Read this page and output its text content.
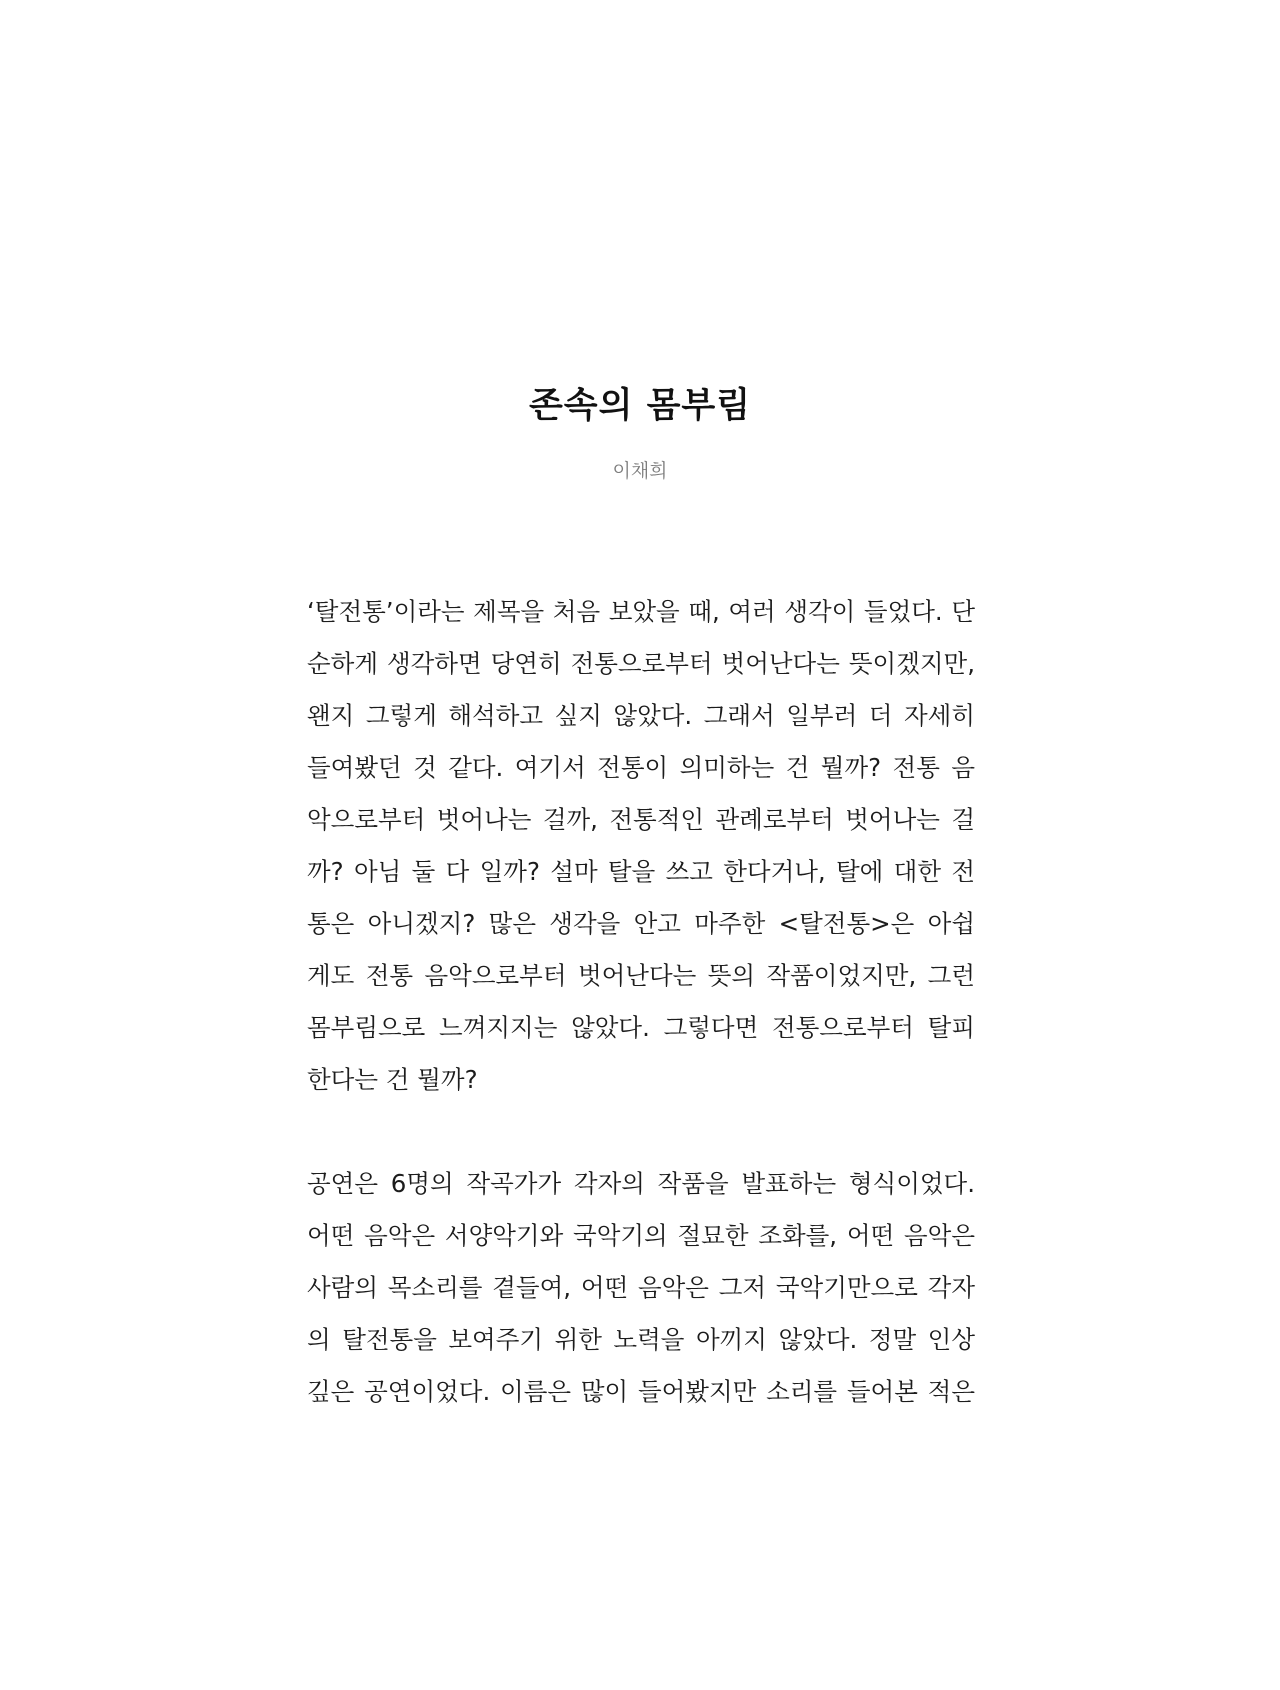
존속의 몸부림

이채희

‘탈전통’이라는 제목을 처음 보았을 때, 여러 생각이 들었다. 단
순하게 생각하면 당연히 전통으로부터 벗어난다는 뜻이겠지만,
왠지 그렇게 해석하고 싶지 않았다. 그래서 일부러 더 자세히
들여봤던 것 같다. 여기서 전통이 의미하는 건 뭘까? 전통 음
악으로부터 벗어나는 걸까, 전통적인 관례로부터 벗어나는 걸
까? 아님 둘 다 일까? 설마 탈을 쓰고 한다거나, 탈에 대한 전
통은 아니겠지? 많은 생각을 안고 마주한 <탈전통>은 아쉽
게도 전통 음악으로부터 벗어난다는 뜻의 작품이었지만, 그런
몸부림으로 느껴지지는 않았다. 그렇다면 전통으로부터 탈피
한다는 건 뭘까?

공연은 6명의 작곡가가 각자의 작품을 발표하는 형식이었다.
어떤 음악은 서양악기와 국악기의 절묘한 조화를, 어떤 음악은
사람의 목소리를 곁들여, 어떤 음악은 그저 국악기만으로 각자
의 탈전통을 보여주기 위한 노력을 아끼지 않았다. 정말 인상
깊은 공연이었다. 이름은 많이 들어봤지만 소리를 들어본 적은
